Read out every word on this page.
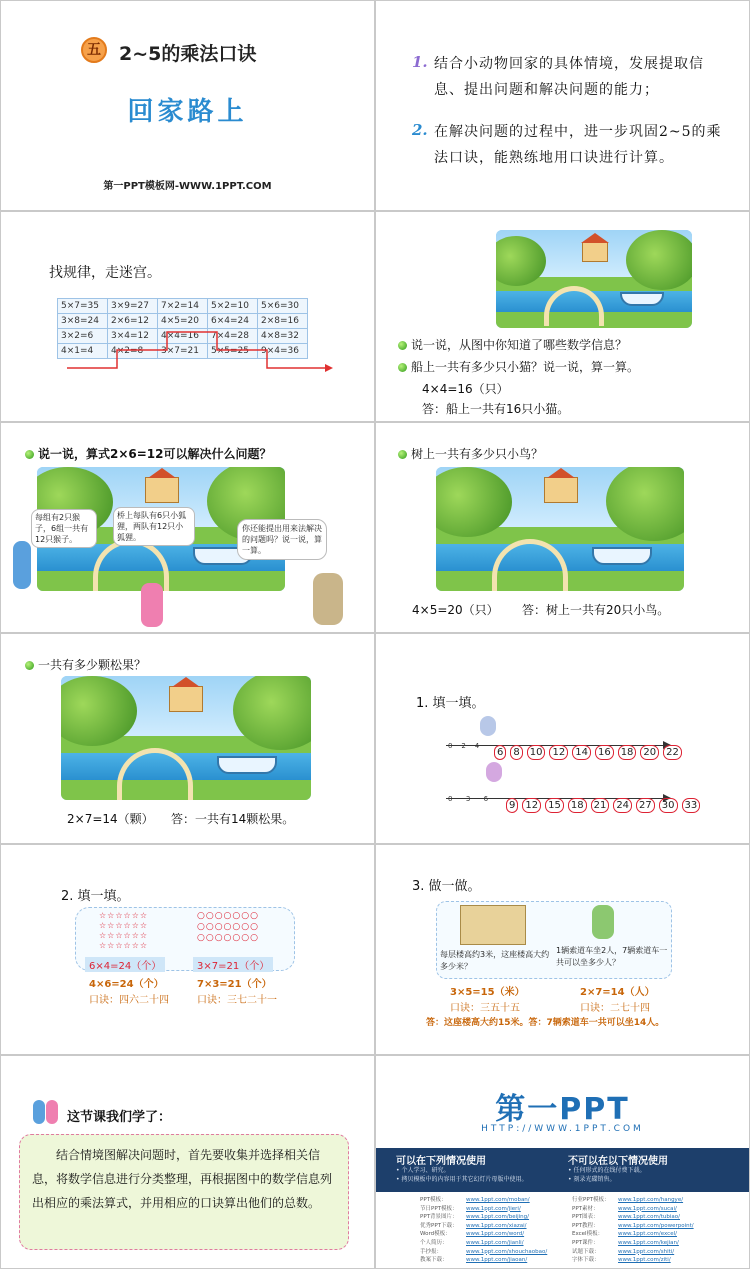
五 2~5的乘法口诀
回家路上
第一PPT模板网-WWW.1PPT.COM
1. 结合小动物回家的具体情境，发展提取信息、提出问题和解决问题的能力；
2. 在解决问题的过程中，进一步巩固2~5的乘法口诀，能熟练地用口诀进行计算。
找规律，走迷宫。
5×7=35	3×9=27	7×2=14	5×2=10	5×6=30
3×8=24	2×6=12	4×5=20	6×4=24	2×8=16
3×2=6	3×4=12	4×4=16	7×4=28	4×8=32
4×1=4	4×2=8	3×7=21	5×5=25	9×4=36	说一说，从图中你知道了哪些数学信息？
船上一共有多少只小猫？说一说，算一算。
4×4=16（只）
答：船上一共有16只小猫。
说一说，算式2×6=12可以解决什么问题？
每组有2只猴子，6组一共有12只猴子。
桥上每队有6只小狐狸，两队有12只小狐狸。
你还能提出用来法解决的问题吗？说一说，算一算。
树上一共有多少只小鸟？
4×5=20（只） 答：树上一共有20只小鸟。
一共有多少颗松果？
2×7=14（颗） 答：一共有14颗松果。
1. 填一填。
0 2 4
6 8 10 12 14 16 18 20 22
0 3 6
9 12 15 18 21 24 27 30 33
2. 填一填。
☆☆☆☆☆☆
☆☆☆☆☆☆
☆☆☆☆☆☆
☆☆☆☆☆☆
○○○○○○○
○○○○○○○
○○○○○○○
6×4=24（个）	3×7=21（个）
4×6=24（个）
口诀：四六二十四
7×3=21（个）
口诀：三七二十一
3. 做一做。
每层楼高约3米，这座楼高大约多少米？
1辆索道车坐2人，7辆索道车一共可以坐多少人？
3×5=15（米）
口诀：三五十五
2×7=14（人）
口诀：二七十四
答：这座楼高大约15米。答：7辆索道车一共可以坐14人。
这节课我们学了：
结合情境图解决问题时，首先要收集并选择相关信息，将数学信息进行分类整理，再根据图中的数学信息列出相应的乘法算式，并用相应的口诀算出他们的总数。
第一PPT
HTTP://WWW.1PPT.COM
可以在下列情况使用
• 个人学习、研究。
• 拷贝模板中的内容用于其它幻灯片母版中使用。
不可以在以下情况使用
• 任何形式的在线付费下载。
• 刻录光碟销售。
PPT模板：	www.1ppt.com/moban/
节日PPT模板： www.1ppt.com/jieri/
PPT背景图片： www.1ppt.com/beijing/
优秀PPT下载： www.1ppt.com/xiazai/
Word模板：	www.1ppt.com/word/
个人简历：	www.1ppt.com/jianli/
手抄报：	www.1ppt.com/shouchaobao/
教案下载：	www.1ppt.com/jiaoan/
行业PPT模板： www.1ppt.com/hangye/
PPT素材：	www.1ppt.com/sucai/
PPT图表：	www.1ppt.com/tubiao/
PPT教程：	www.1ppt.com/powerpoint/
Excel模板：	www.1ppt.com/excel/
PPT课件：	www.1ppt.com/kejian/
试题下载：	www.1ppt.com/shiti/
字体下载：	www.1ppt.com/ziti/
